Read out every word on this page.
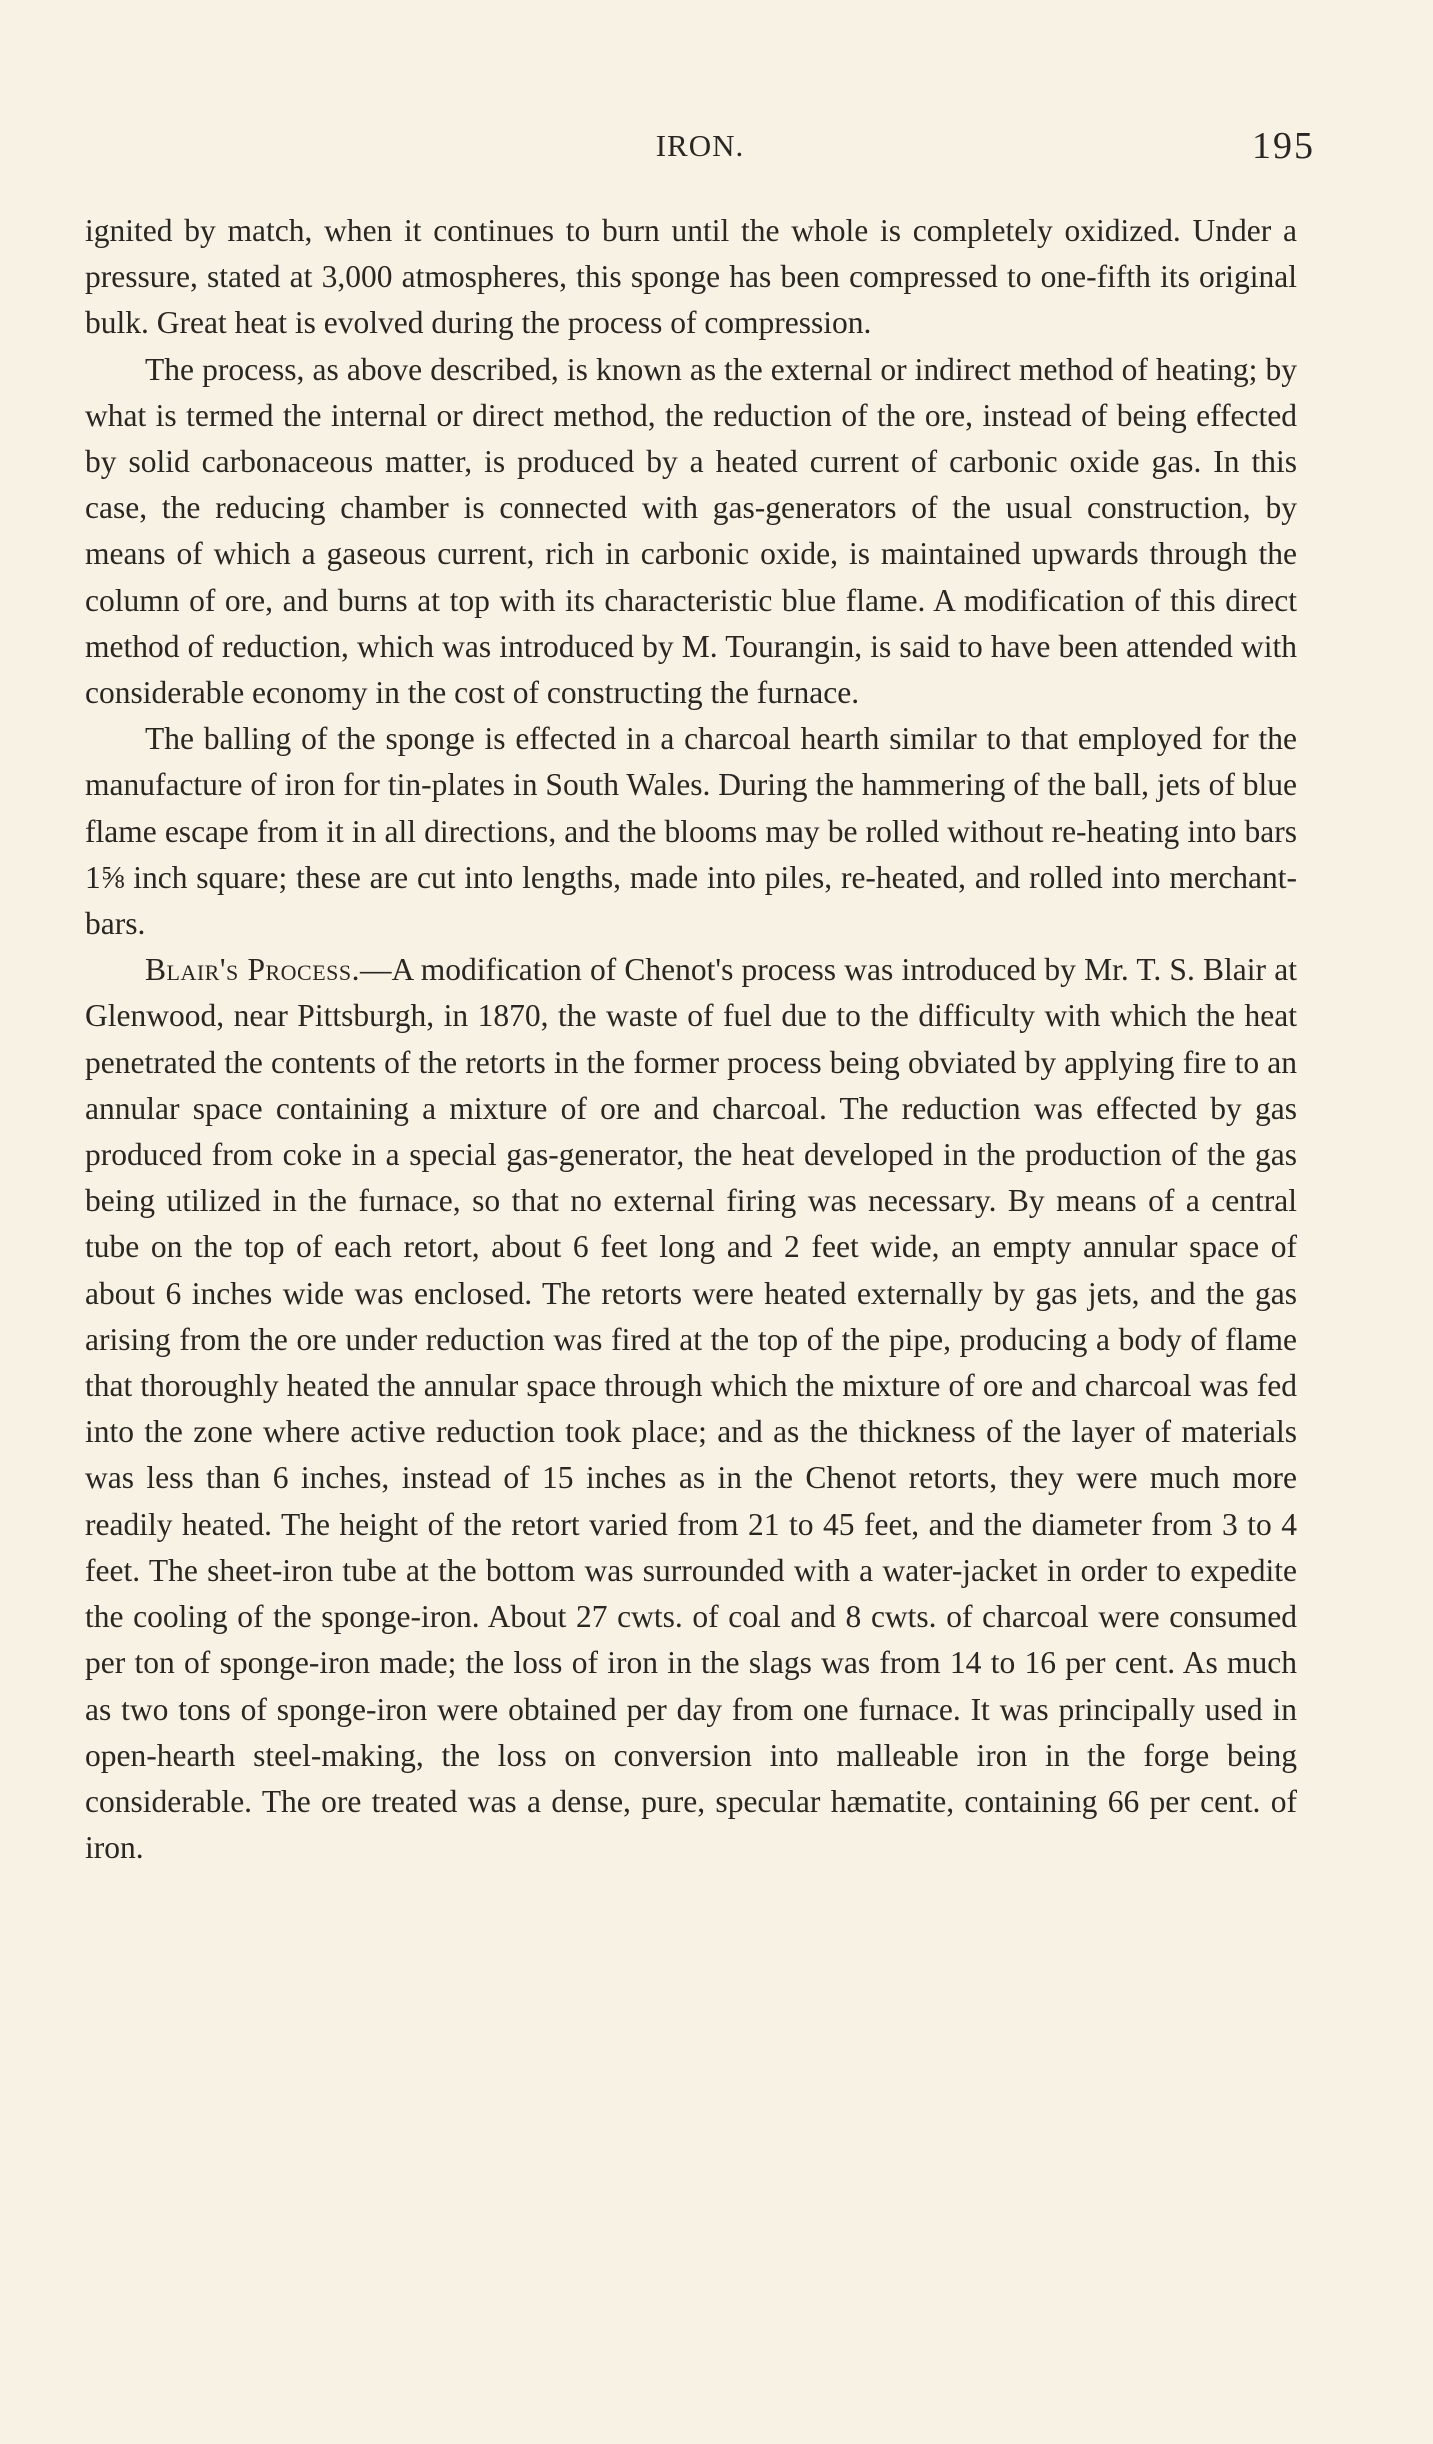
IRON.	195

ignited by match, when it continues to burn until the whole is completely oxidized. Under a pressure, stated at 3,000 atmospheres, this sponge has been compressed to one-fifth its original bulk. Great heat is evolved during the process of compression.

The process, as above described, is known as the external or indirect method of heating; by what is termed the internal or direct method, the reduction of the ore, instead of being effected by solid carbonaceous matter, is produced by a heated current of carbonic oxide gas. In this case, the reducing chamber is connected with gas-generators of the usual construction, by means of which a gaseous current, rich in carbonic oxide, is maintained upwards through the column of ore, and burns at top with its characteristic blue flame. A modification of this direct method of reduction, which was introduced by M. Tourangin, is said to have been attended with considerable economy in the cost of constructing the furnace.

The balling of the sponge is effected in a charcoal hearth similar to that employed for the manufacture of iron for tin-plates in South Wales. During the hammering of the ball, jets of blue flame escape from it in all directions, and the blooms may be rolled without re-heating into bars 1⅝ inch square; these are cut into lengths, made into piles, re-heated, and rolled into merchant-bars.

Blair's Process.—A modification of Chenot's process was introduced by Mr. T. S. Blair at Glenwood, near Pittsburgh, in 1870, the waste of fuel due to the difficulty with which the heat penetrated the contents of the retorts in the former process being obviated by applying fire to an annular space containing a mixture of ore and charcoal. The reduction was effected by gas produced from coke in a special gas-generator, the heat developed in the production of the gas being utilized in the furnace, so that no external firing was necessary. By means of a central tube on the top of each retort, about 6 feet long and 2 feet wide, an empty annular space of about 6 inches wide was enclosed. The retorts were heated externally by gas jets, and the gas arising from the ore under reduction was fired at the top of the pipe, producing a body of flame that thoroughly heated the annular space through which the mixture of ore and charcoal was fed into the zone where active reduction took place; and as the thickness of the layer of materials was less than 6 inches, instead of 15 inches as in the Chenot retorts, they were much more readily heated. The height of the retort varied from 21 to 45 feet, and the diameter from 3 to 4 feet. The sheet-iron tube at the bottom was surrounded with a water-jacket in order to expedite the cooling of the sponge-iron. About 27 cwts. of coal and 8 cwts. of charcoal were consumed per ton of sponge-iron made; the loss of iron in the slags was from 14 to 16 per cent. As much as two tons of sponge-iron were obtained per day from one furnace. It was principally used in open-hearth steel-making, the loss on conversion into malleable iron in the forge being considerable. The ore treated was a dense, pure, specular hæmatite, containing 66 per cent. of iron.
